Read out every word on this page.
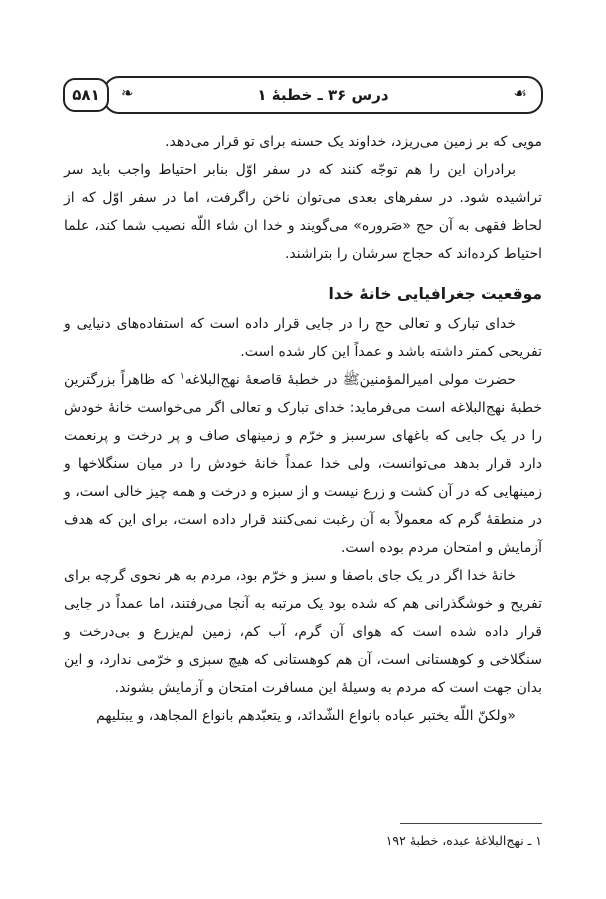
☙
درس ۳۶ ـ خطبهٔ ۱
❧
۵۸۱

مویی که بر زمین می‌ریزد، خداوند یک حسنه برای تو قرار می‌دهد.

برادران این را هم توجّه کنند که در سفر اوّل بنابر احتیاط واجب باید سر تراشیده شود. در سفرهای بعدی می‌توان ناخن راگرفت، اما در سفر اوّل که از لحاظ فقهی به آن حج «صَروره» می‌گویند و خدا ان شاء اللّه نصیب شما کند، علما احتیاط کرده‌اند که حجاج سرشان را بتراشند.

موقعیت جغرافیایی خانهٔ خدا

خدای تبارک و تعالی حج را در جایی قرار داده است که استفاده‌های دنیایی و تفریحی کمتر داشته باشد و عمداً این کار شده است.

حضرت مولی امیرالمؤمنینﷺ در خطبهٔ قاصعهٔ نهج‌البلاغه$^۱$ که ظاهراً بزرگترین خطبهٔ نهج‌البلاغه است می‌فرماید: خدای تبارک و تعالی اگر می‌خواست خانهٔ خودش را در یک جایی که باغهای سرسبز و خرّم و زمینهای صاف و پر درخت و پرنعمت دارد قرار بدهد می‌توانست، ولی خدا عمداً خانهٔ خودش را در میان سنگلاخها و زمینهایی که در آن کشت و زرع نیست و از سبزه و درخت و همه چیز خالی است، و در منطقهٔ گرم که معمولاً به آن رغبت نمی‌کنند قرار داده است، برای این که هدف آزمایش و امتحان مردم بوده است.

خانهٔ خدا اگر در یک جای باصفا و سبز و خرّم بود، مردم به هر نحوی گرچه برای تفریح و خوشگذرانی هم که شده بود یک مرتبه به آنجا می‌رفتند، اما عمداً در جایی قرار داده شده است که هوای آن گرم، آب کم، زمین لم‌یزرع و بی‌درخت و سنگلاخی و کوهستانی است، آن هم کوهستانی که هیچ سبزی و خرّمی ندارد، و این بدان جهت است که مردم به وسیلهٔ این مسافرت امتحان و آزمایش بشوند.

«ولکنّ اللّه یختبر عباده بانواع الشّدائد، و یتعبّدهم بانواع المجاهد، و یبتلیهم

۱ ـ نهج‌البلاغهٔ عبده، خطبهٔ ۱۹۲
